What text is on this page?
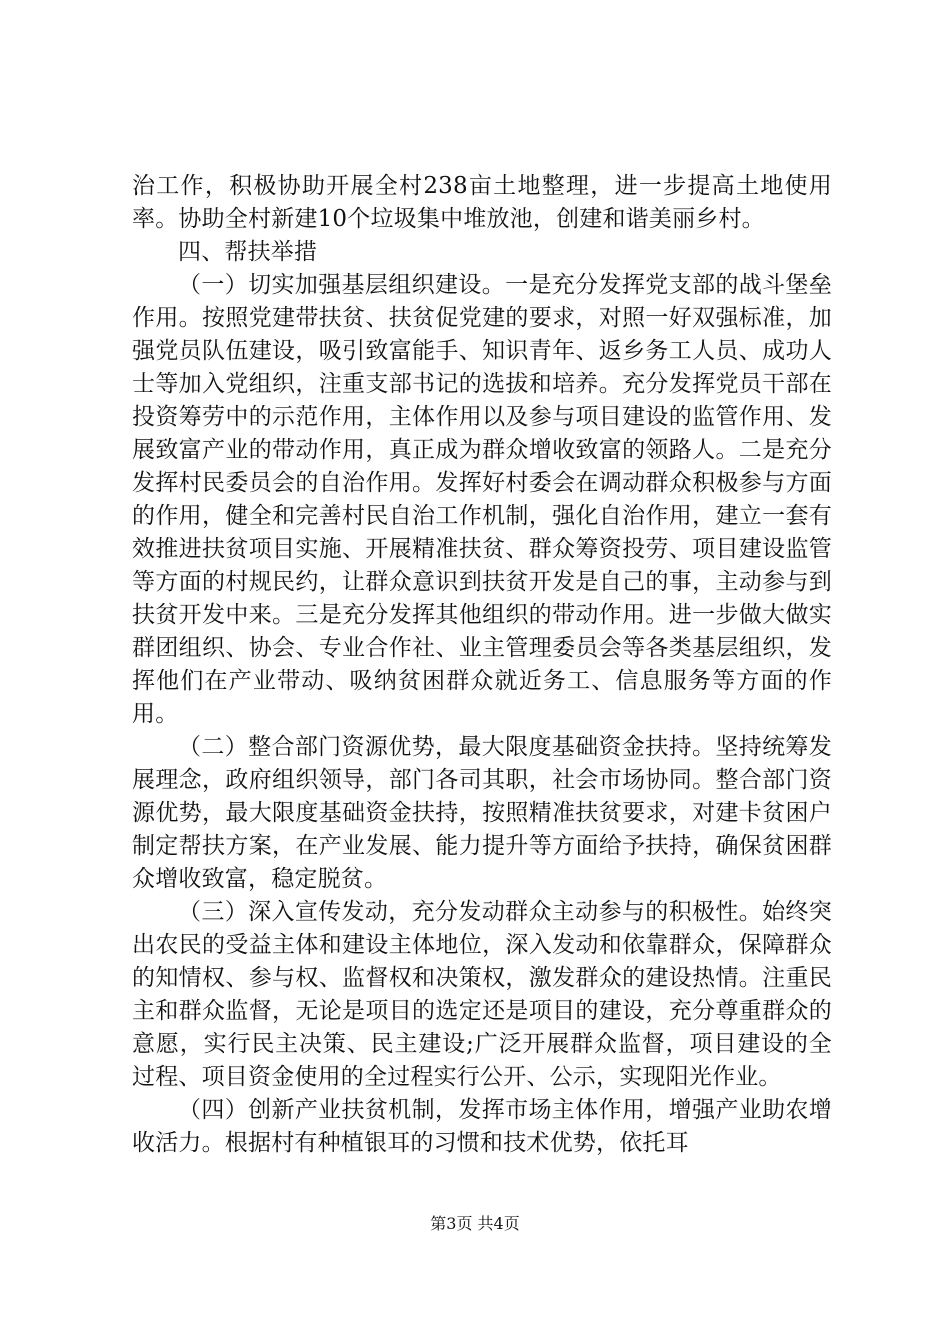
治工作，积极协助开展全村238亩土地整理，进一步提高土地使用率。协助全村新建10个垃圾集中堆放池，创建和谐美丽乡村。

四、帮扶举措

（一）切实加强基层组织建设。一是充分发挥党支部的战斗堡垒作用。按照党建带扶贫、扶贫促党建的要求，对照一好双强标准，加强党员队伍建设，吸引致富能手、知识青年、返乡务工人员、成功人士等加入党组织，注重支部书记的选拔和培养。充分发挥党员干部在投资筹劳中的示范作用，主体作用以及参与项目建设的监管作用、发展致富产业的带动作用，真正成为群众增收致富的领路人。二是充分发挥村民委员会的自治作用。发挥好村委会在调动群众积极参与方面的作用，健全和完善村民自治工作机制，强化自治作用，建立一套有效推进扶贫项目实施、开展精准扶贫、群众筹资投劳、项目建设监管等方面的村规民约，让群众意识到扶贫开发是自己的事，主动参与到扶贫开发中来。三是充分发挥其他组织的带动作用。进一步做大做实群团组织、协会、专业合作社、业主管理委员会等各类基层组织，发挥他们在产业带动、吸纳贫困群众就近务工、信息服务等方面的作用。

（二）整合部门资源优势，最大限度基础资金扶持。坚持统筹发展理念，政府组织领导，部门各司其职，社会市场协同。整合部门资源优势，最大限度基础资金扶持，按照精准扶贫要求，对建卡贫困户制定帮扶方案，在产业发展、能力提升等方面给予扶持，确保贫困群众增收致富，稳定脱贫。

（三）深入宣传发动，充分发动群众主动参与的积极性。始终突出农民的受益主体和建设主体地位，深入发动和依靠群众，保障群众的知情权、参与权、监督权和决策权，激发群众的建设热情。注重民主和群众监督，无论是项目的选定还是项目的建设，充分尊重群众的意愿，实行民主决策、民主建设;广泛开展群众监督，项目建设的全过程、项目资金使用的全过程实行公开、公示，实现阳光作业。

（四）创新产业扶贫机制，发挥市场主体作用，增强产业助农增收活力。根据村有种植银耳的习惯和技术优势，依托耳

第3页 共4页
